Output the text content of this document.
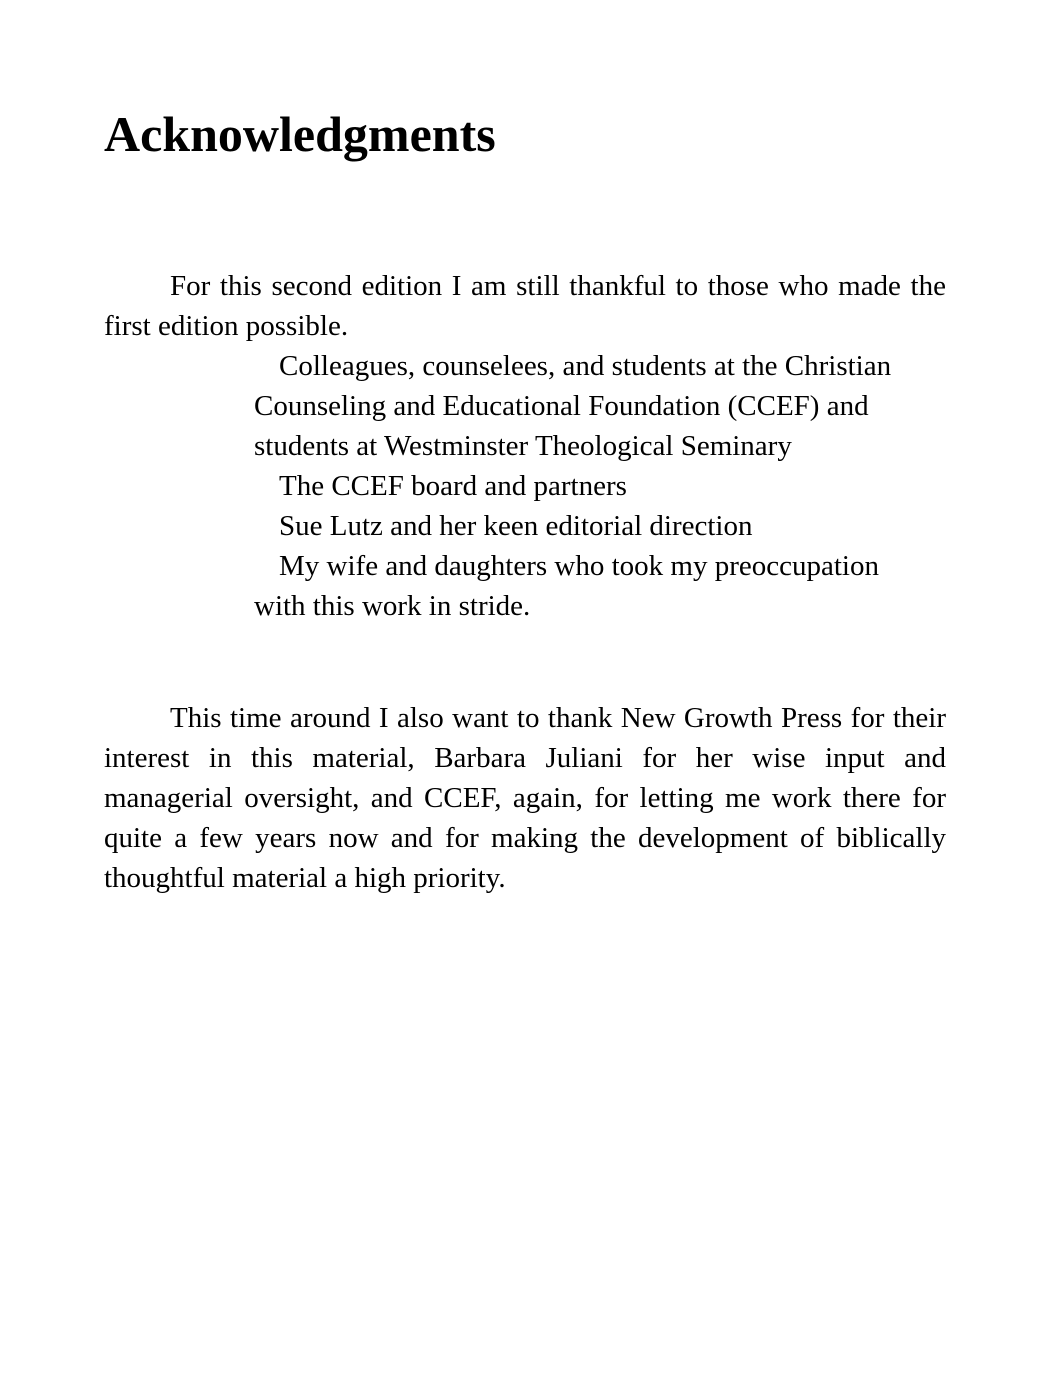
Acknowledgments

For this second edition I am still thankful to those who made the first edition possible.

Colleagues, counselees, and students at the Christian Counseling and Educational Foundation (CCEF) and students at Westminster Theological Seminary
The CCEF board and partners
Sue Lutz and her keen editorial direction
My wife and daughters who took my preoccupation with this work in stride.

This time around I also want to thank New Growth Press for their interest in this material, Barbara Juliani for her wise input and managerial oversight, and CCEF, again, for letting me work there for quite a few years now and for making the development of biblically thoughtful material a high priority.
